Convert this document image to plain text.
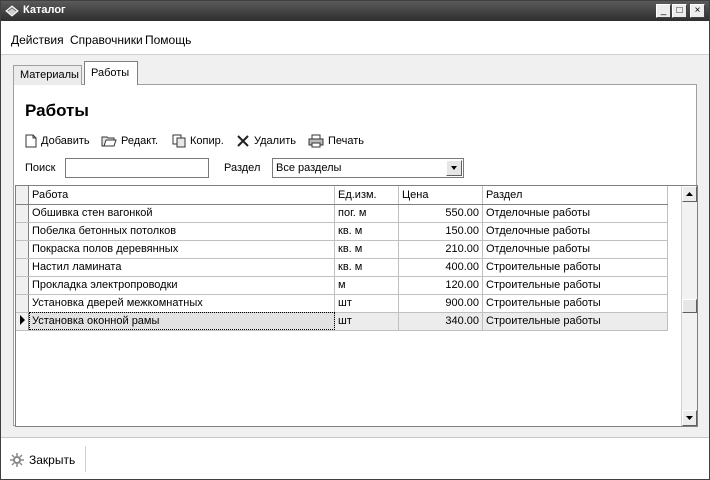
Каталог	_	□	×
Действия Справочники Помощь
Материалы	Работы
Работы
Добавить	Редакт.	Копир.	Удалить	Печать
Поиск	Раздел Все разделы
	Работа	Ед.изм.	Цена	Раздел
	Обшивка стен вагонкой	пог. м	550.00	Отделочные работы
	Побелка бетонных потолков	кв. м	150.00	Отделочные работы
	Покраска полов деревянных	кв. м	210.00	Отделочные работы
	Настил ламината	кв. м	400.00	Строительные работы
	Прокладка электропроводки	м	120.00	Строительные работы
	Установка дверей межкомнатных	шт	900.00	Строительные работы
	Установка оконной рамы	шт	340.00	Строительные работы
Закрыть
